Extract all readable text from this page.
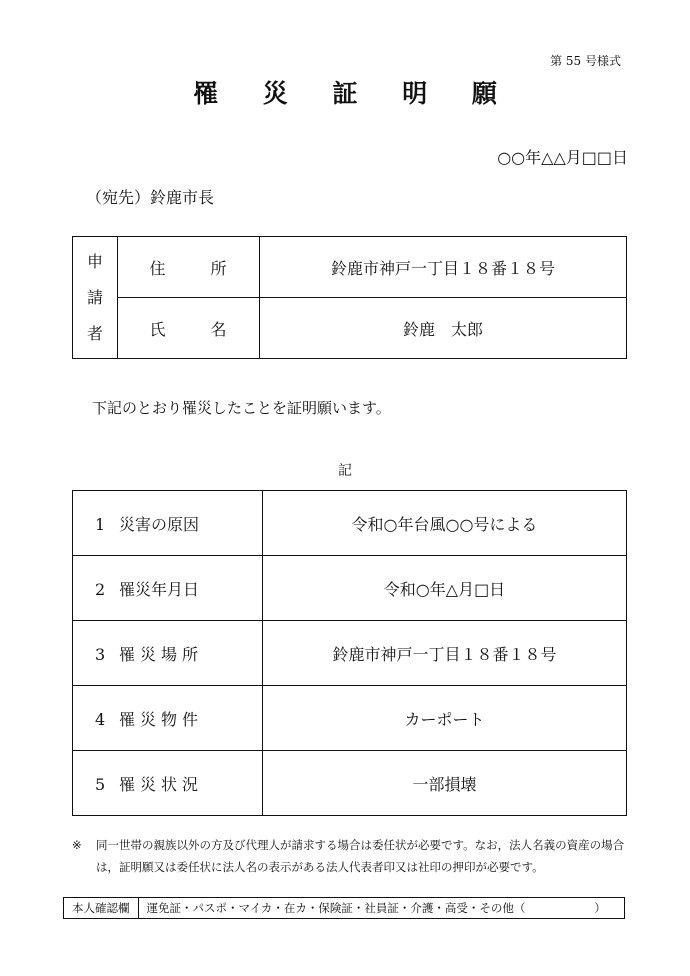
第 55 号様式
罹 災 証 明 願
○○年△△月□□日
（宛先）鈴鹿市長
申
請
者	住 所	鈴鹿市神戸一丁目１８番１８号
	氏 名	鈴鹿　太郎
下記のとおり罹災したことを証明願います。
記
1 災害の原因	令和○年台風○○号による
2 罹災年月日	令和○年△月□日
3 罹災場所	鈴鹿市神戸一丁目１８番１８号
4 罹災物件	カーポート
5 罹災状況	一部損壊
※	同一世帯の親族以外の方及び代理人が請求する場合は委任状が必要です。なお，法人名義の資産の場合は，証明願又は委任状に法人名の表示がある法人代表者印又は社印の押印が必要です。
本人確認欄	運免証・パスポ・マイカ・在カ・保険証・社員証・介護・高受・その他（　　　　　　）
